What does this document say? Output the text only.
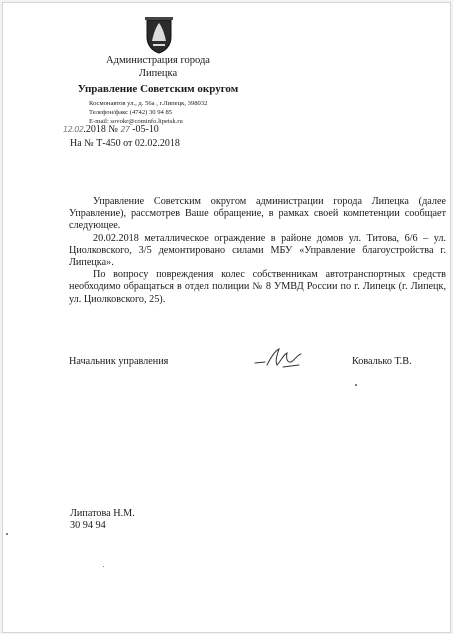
Администрация города
Липецка
Управление Советским округом
Космонавтов ул., д. 56а , г.Липецк, 398032
Телефон/факс (4742) 30 94 85
E-mail: sovokr@cominfo.lipetsk.ru
12.02.2018 № 27 -05-10
На № Т-450 от 02.02.2018

Управление Советским округом администрации города Липецка (далее Управление), рассмотрев Ваше обращение, в рамках своей компетенции сообщает следующее.

20.02.2018 металлическое ограждение в районе домов ул. Титова, 6/6 – ул. Циолковского, 3/5 демонтировано силами МБУ «Управление благоустройства г. Липецка».

По вопросу повреждения колес собственникам автотранспортных средств необходимо обращаться в отдел полиции № 8 УМВД России по г. Липецк (г. Липецк, ул. Циолковского, 25).

Начальник управления	Ковалько Т.В.
Липатова Н.М.
30 94 94
